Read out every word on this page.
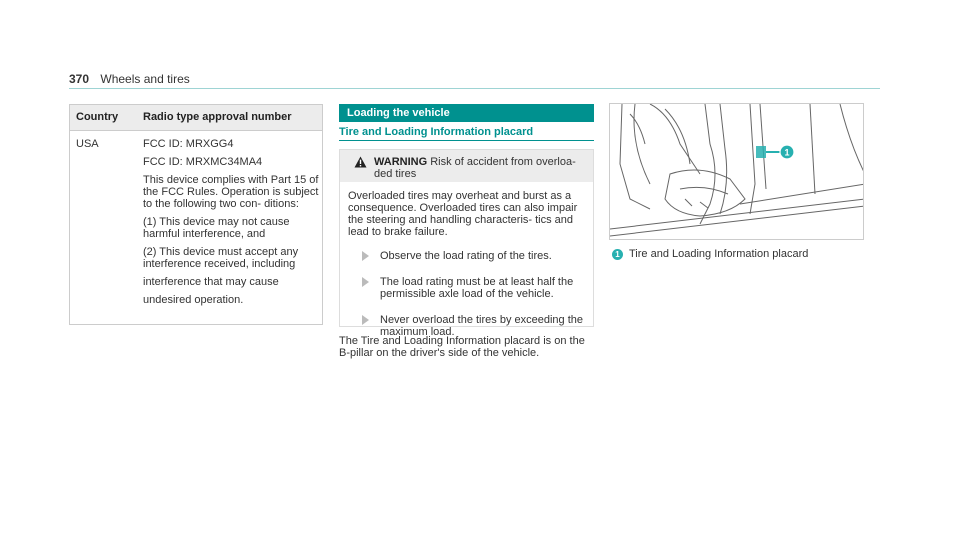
370 Wheels and tires
Country Radio type approval number
USA	FCC ID: MRXGG4

FCC ID: MRXMC34MA4

This device complies with Part 15 of the FCC Rules. Operation is subject to the following two con- ditions:

(1) This device may not cause harmful interference, and

(2) This device must accept any interference received, including

interference that may cause

undesired operation.

Loading the vehicle
Tire and Loading Information placard
WARNING Risk of accident from overloa- ded tires

Overloaded tires may overheat and burst as a consequence. Overloaded tires can also impair the steering and handling characteris- tics and lead to brake failure.

Observe the load rating of the tires.
The load rating must be at least half the permissible axle load of the vehicle.
Never overload the tires by exceeding the maximum load.
The Tire and Loading Information placard is on the B-pillar on the driver's side of the vehicle.
1
1 Tire and Loading Information placard
